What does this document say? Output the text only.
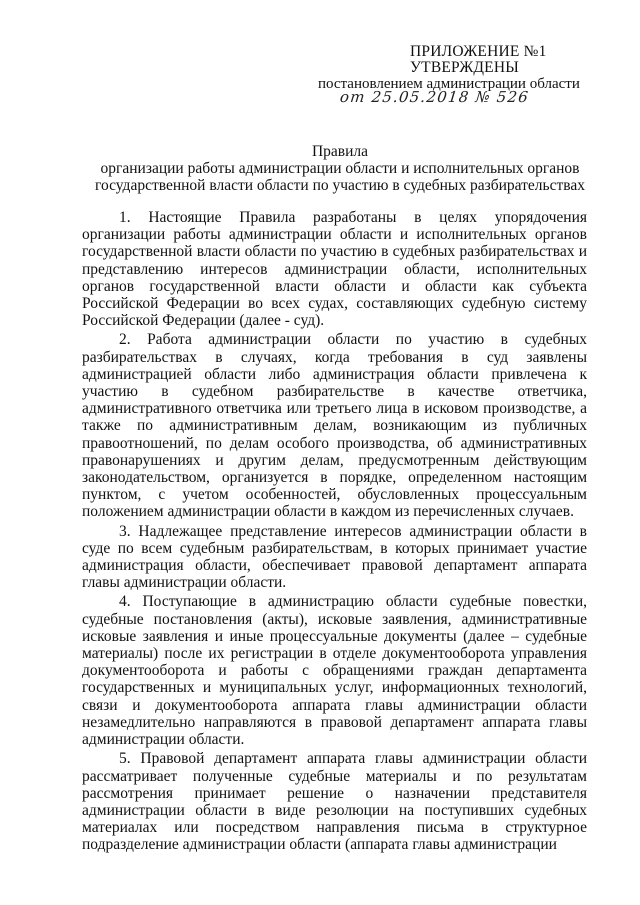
ПРИЛОЖЕНИЕ №1
УТВЕРЖДЕНЫ
постановлением администрации области
от 25.05.2018 № 526
Правила
организации работы администрации области и исполнительных органов
государственной власти области по участию в судебных разбирательствах

1. Настоящие Правила разработаны в целях упорядочения организации работы администрации области и исполнительных органов государственной власти области по участию в судебных разбирательствах и представлению интересов администрации области, исполнительных органов государственной власти области и области как субъекта Российской Федерации во всех судах, составляющих судебную систему Российской Федерации (далее - суд).

2. Работа администрации области по участию в судебных разбирательствах в случаях, когда требования в суд заявлены администрацией области либо администрация области привлечена к участию в судебном разбирательстве в качестве ответчика, административного ответчика или третьего лица в исковом производстве, а также по административным делам, возникающим из публичных правоотношений, по делам особого производства, об административных правонарушениях и другим делам, предусмотренным действующим законодательством, организуется в порядке, определенном настоящим пунктом, с учетом особенностей, обусловленных процессуальным положением администрации области в каждом из перечисленных случаев.

3. Надлежащее представление интересов администрации области в суде по всем судебным разбирательствам, в которых принимает участие администрация области, обеспечивает правовой департамент аппарата главы администрации области.

4. Поступающие в администрацию области судебные повестки, судебные постановления (акты), исковые заявления, административные исковые заявления и иные процессуальные документы (далее – судебные материалы) после их регистрации в отделе документооборота управления документооборота и работы с обращениями граждан департамента государственных и муниципальных услуг, информационных технологий, связи и документооборота аппарата главы администрации области незамедлительно направляются в правовой департамент аппарата главы администрации области.

5. Правовой департамент аппарата главы администрации области рассматривает полученные судебные материалы и по результатам рассмотрения принимает решение о назначении представителя администрации области в виде резолюции на поступивших судебных материалах или посредством направления письма в структурное подразделение администрации области (аппарата главы администрации
